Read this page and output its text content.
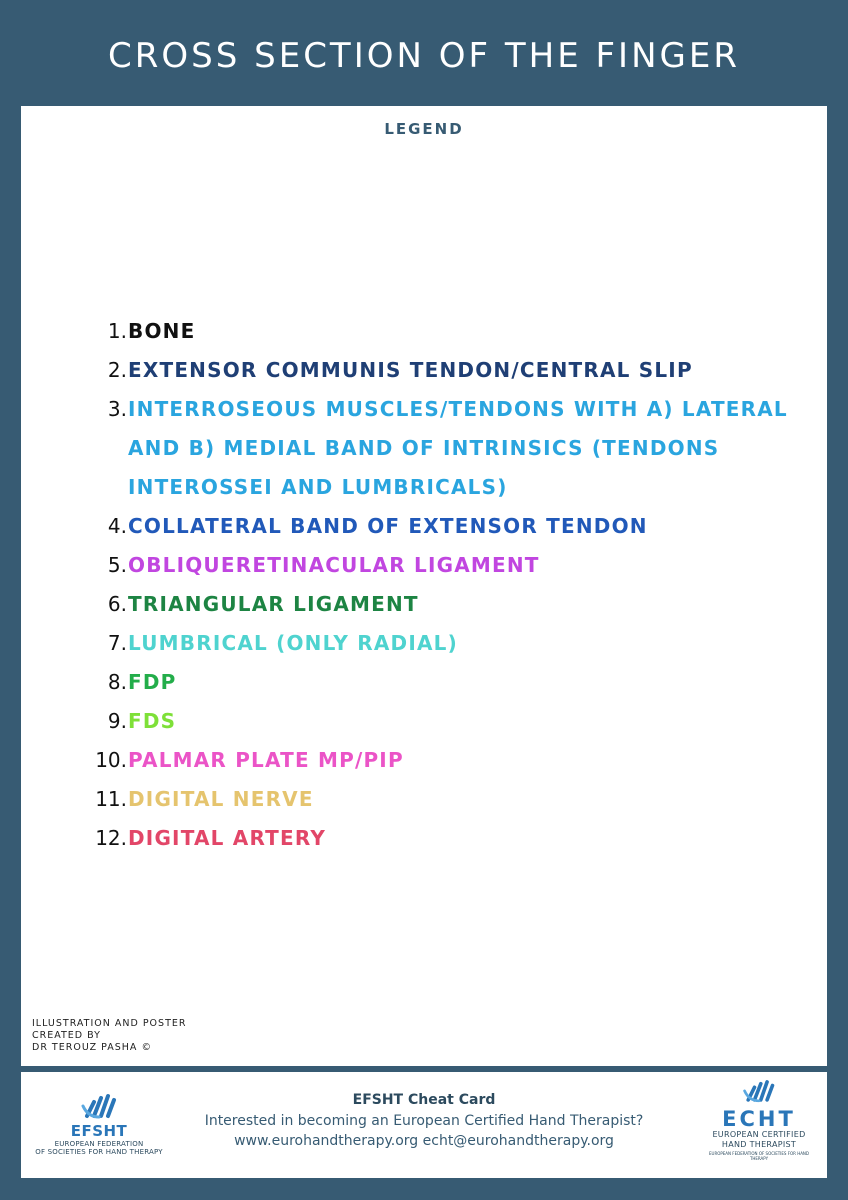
CROSS SECTION OF THE FINGER
LEGEND
1. BONE
2. EXTENSOR COMMUNIS TENDON/CENTRAL SLIP
3. INTERROSEOUS MUSCLES/TENDONS WITH A) LATERAL AND B) MEDIAL BAND OF INTRINSICS (TENDONS INTEROSSEI AND LUMBRICALS)
4. COLLATERAL BAND OF EXTENSOR TENDON
5. OBLIQUERETINACULAR LIGAMENT
6. TRIANGULAR LIGAMENT
7. LUMBRICAL (ONLY RADIAL)
8. FDP
9. FDS
10. PALMAR PLATE MP/PIP
11. DIGITAL NERVE
12. DIGITAL ARTERY
ILLUSTRATION AND POSTER
CREATED BY
DR TEROUZ PASHA ©
EFSHT
EUROPEAN FEDERATION
OF SOCIETIES FOR HAND THERAPY
EFSHT Cheat Card
Interested in becoming an European Certified Hand Therapist?
www.eurohandtherapy.org echt@eurohandtherapy.org
ECHT
EUROPEAN CERTIFIED
HAND THERAPIST
EUROPEAN FEDERATION OF SOCIETIES FOR HAND THERAPY
